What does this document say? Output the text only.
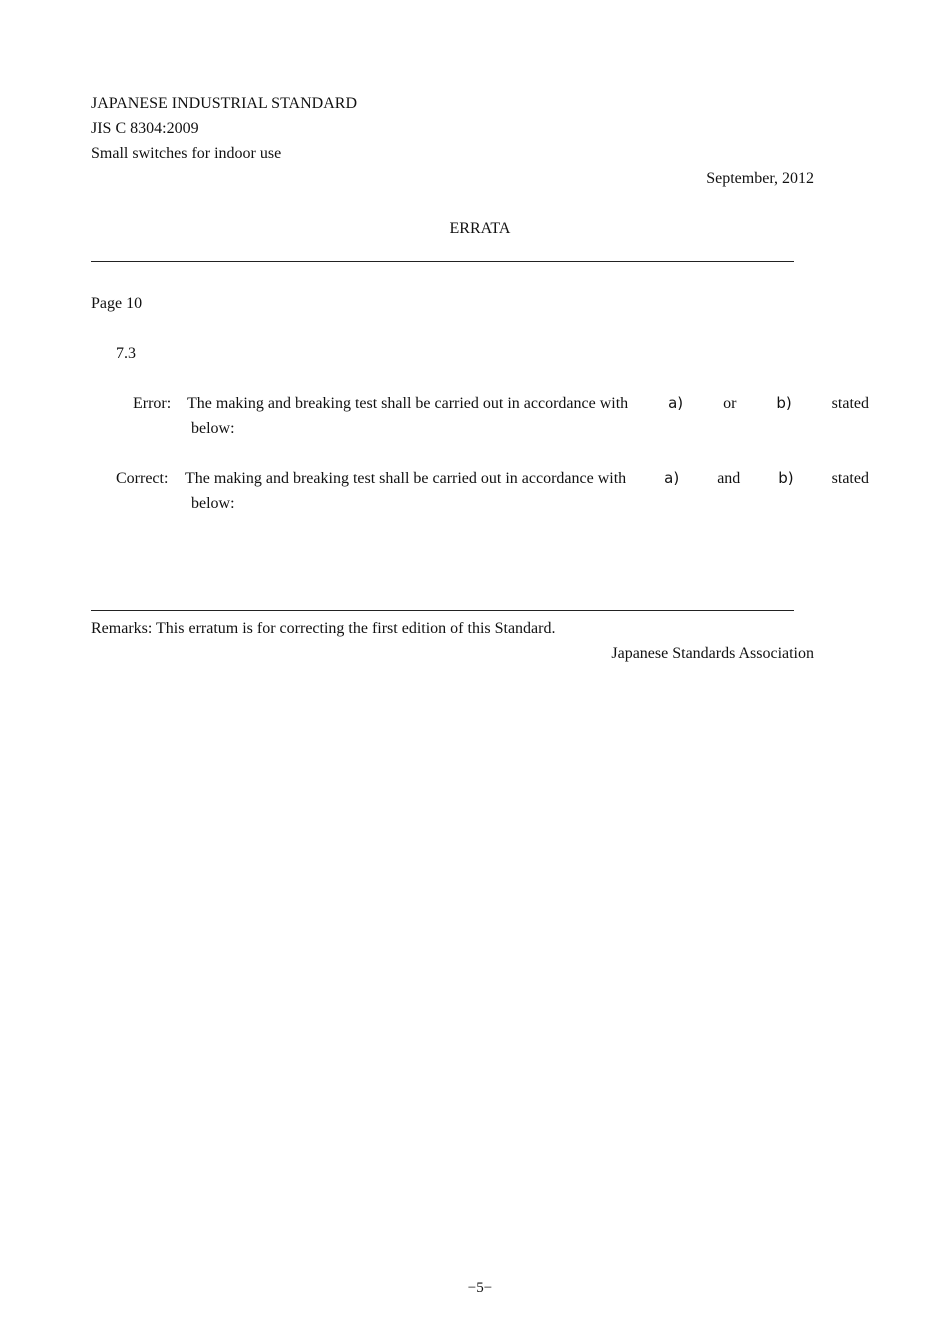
JAPANESE INDUSTRIAL STANDARD
JIS C 8304:2009
Small switches for indoor use
September, 2012
ERRATA
Page 10
7.3
Error: The making and breaking test shall be carried out in accordance with	a) or	b) stated
below:
Correct: The making and breaking test shall be carried out in accordance with	a) and	b) stated
below:
Remarks: This erratum is for correcting the first edition of this Standard.
Japanese Standards Association
−5−
